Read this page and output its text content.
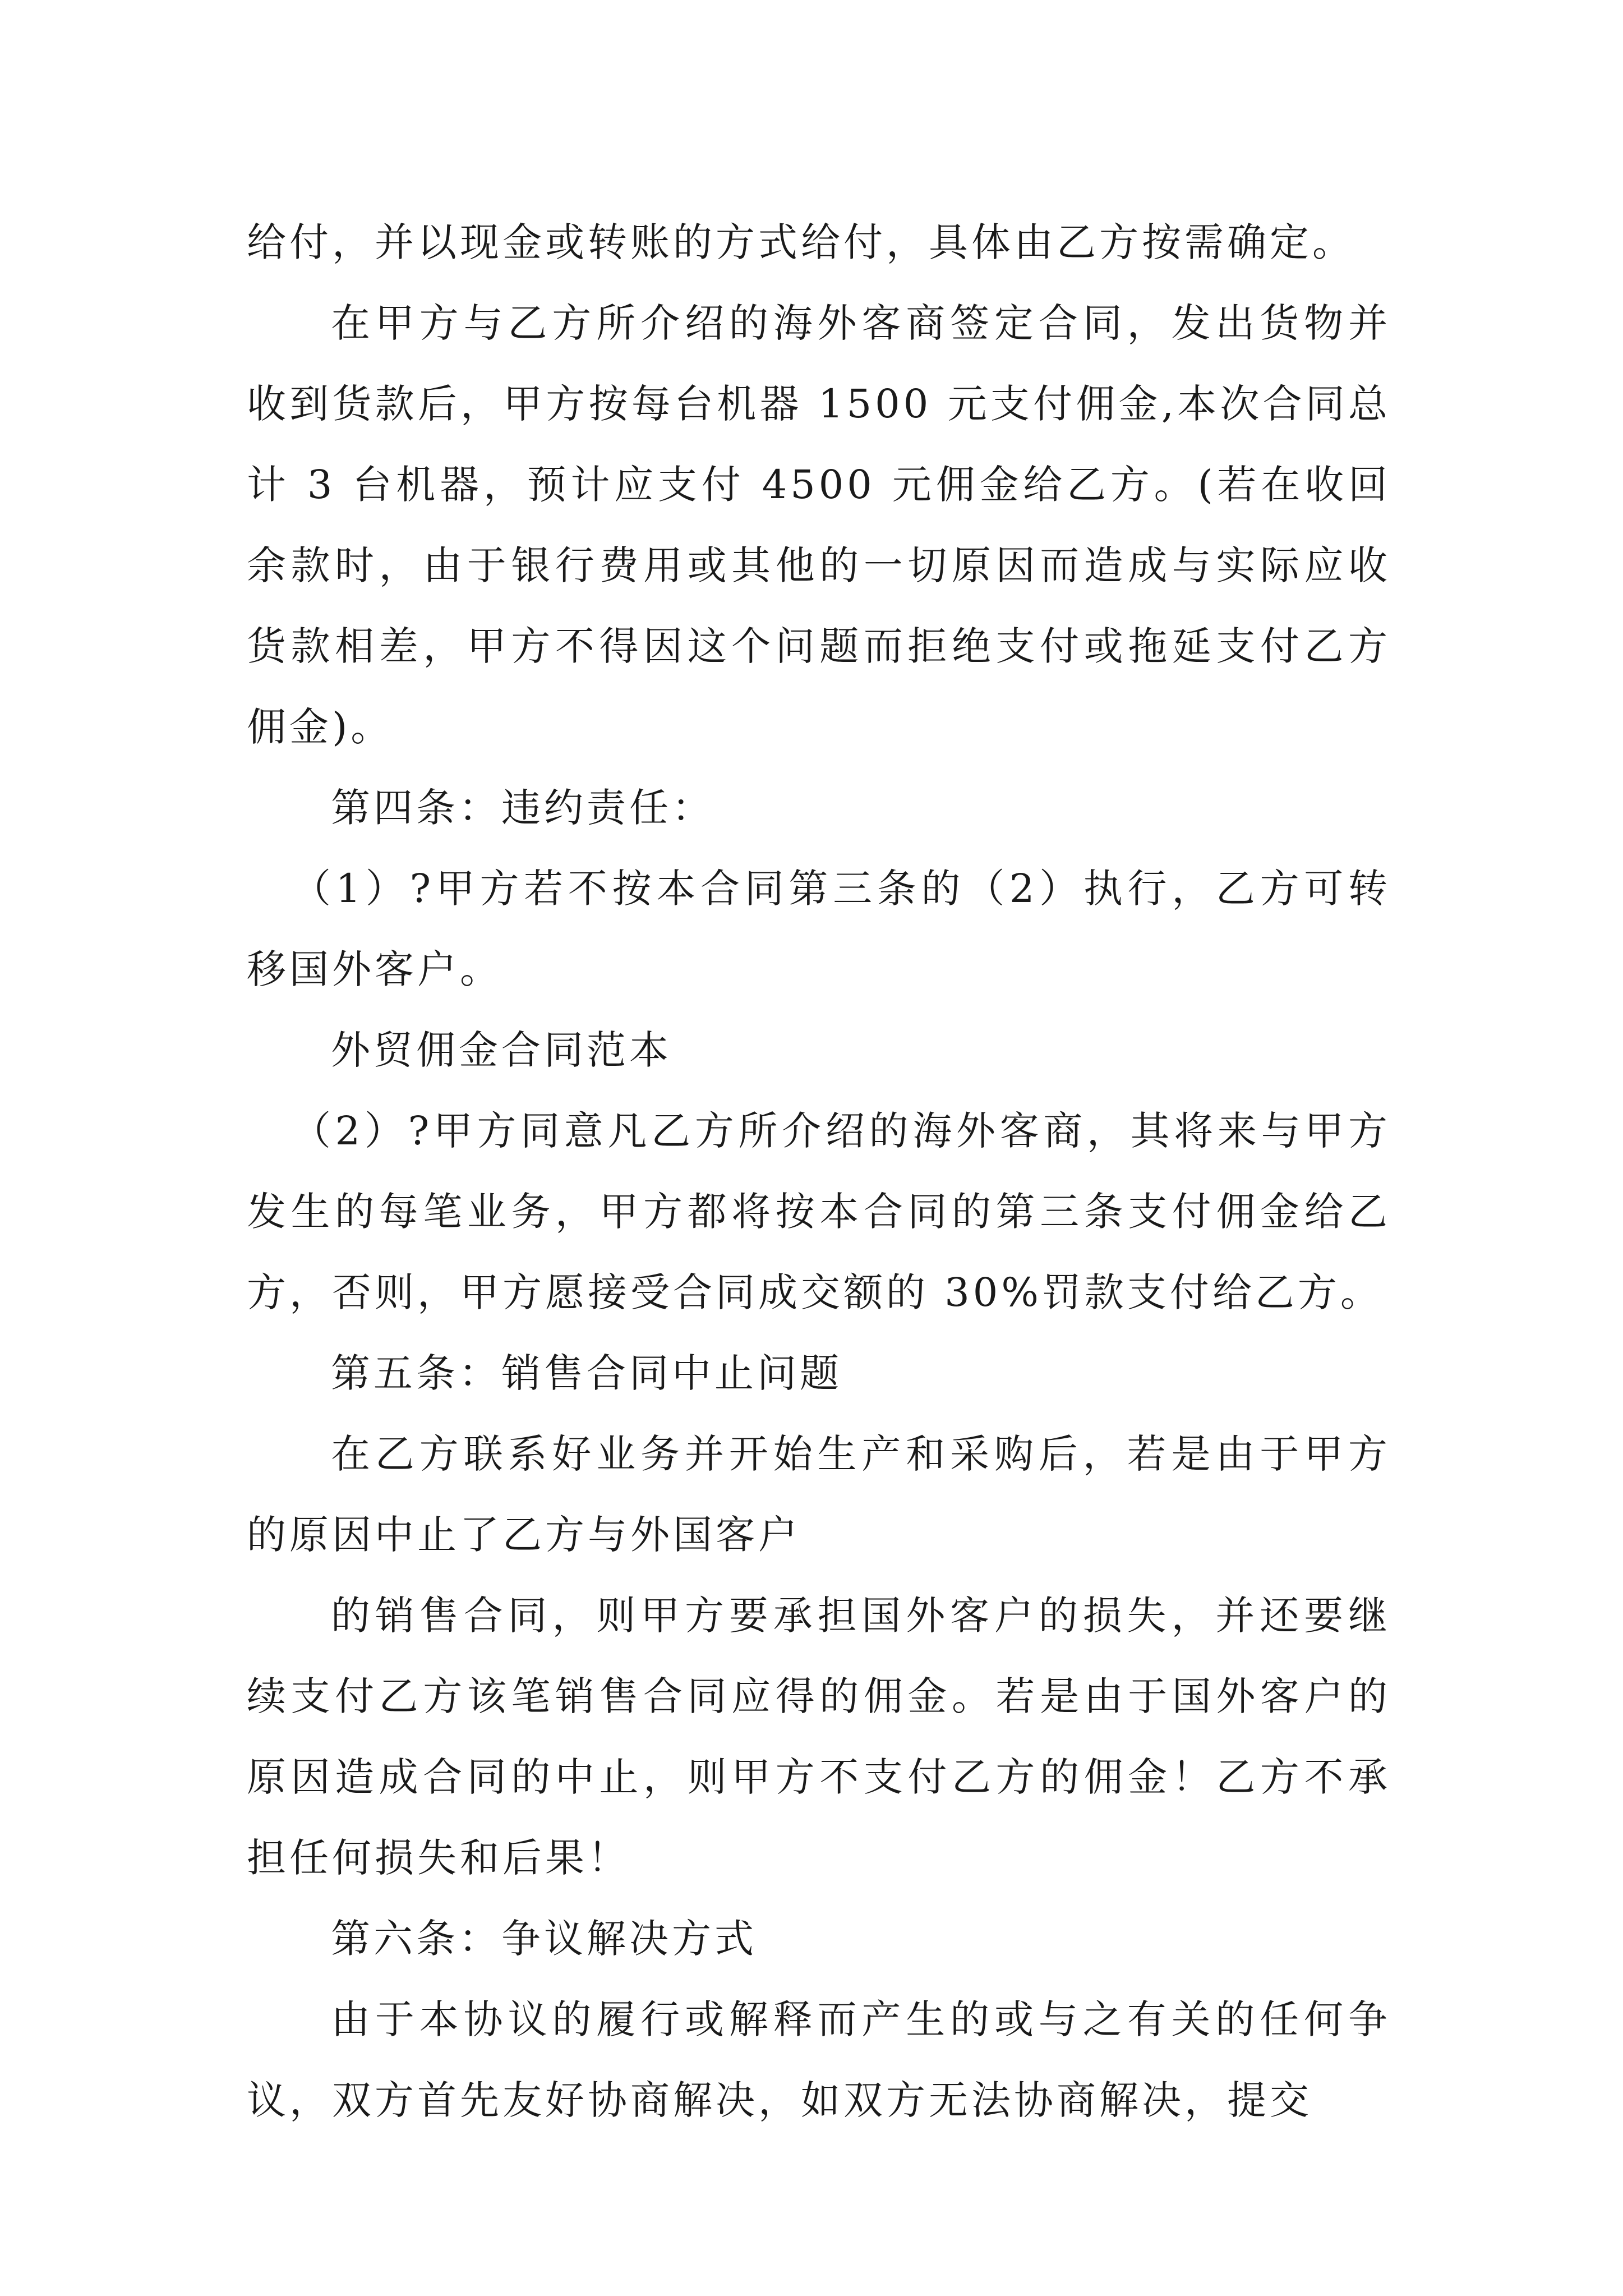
给付，并以现金或转账的方式给付，具体由乙方按需确定。

在甲方与乙方所介绍的海外客商签定合同，发出货物并收到货款后，甲方按每台机器 1500 元支付佣金,本次合同总计 3 台机器，预计应支付 4500 元佣金给乙方。(若在收回余款时，由于银行费用或其他的一切原因而造成与实际应收货款相差，甲方不得因这个问题而拒绝支付或拖延支付乙方佣金)。

第四条：违约责任：

（1）?甲方若不按本合同第三条的（2）执行，乙方可转移国外客户。

外贸佣金合同范本

（2）?甲方同意凡乙方所介绍的海外客商，其将来与甲方发生的每笔业务，甲方都将按本合同的第三条支付佣金给乙方，否则，甲方愿接受合同成交额的 30%罚款支付给乙方。

第五条：销售合同中止问题

在乙方联系好业务并开始生产和采购后，若是由于甲方的原因中止了乙方与外国客户

的销售合同，则甲方要承担国外客户的损失，并还要继续支付乙方该笔销售合同应得的佣金。若是由于国外客户的原因造成合同的中止，则甲方不支付乙方的佣金！乙方不承担任何损失和后果！

第六条：争议解决方式

由于本协议的履行或解释而产生的或与之有关的任何争议，双方首先友好协商解决，如双方无法协商解决，提交
